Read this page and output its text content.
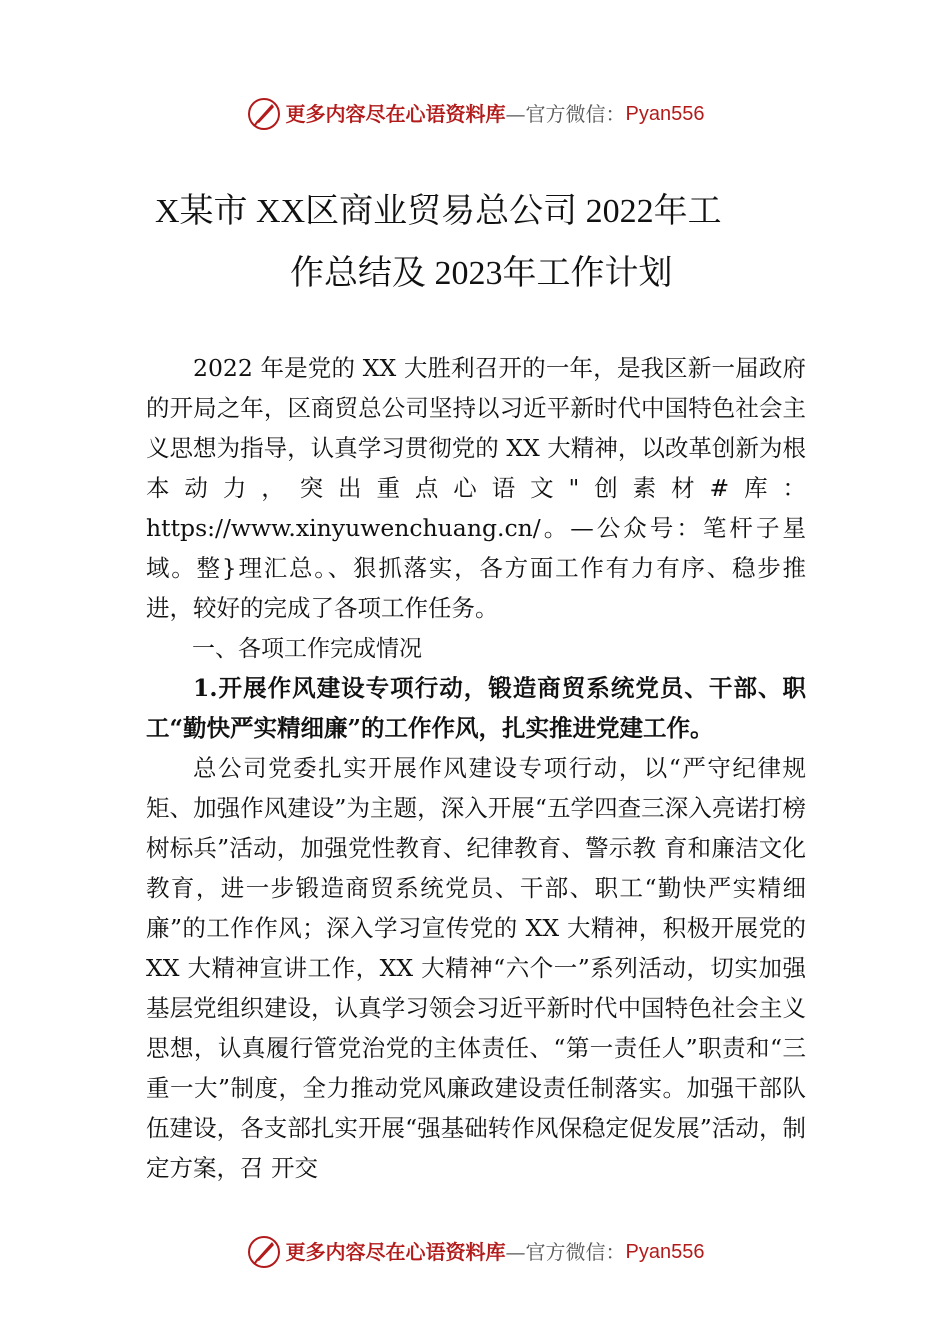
更多内容尽在心语资料库 — 官方微信： Pyan556
X某市 XX区商业贸易总公司 2022年工
作总结及 2023年工作计划

2022 年是党的 XX 大胜利召开的一年，是我区新一届政府的开局之年，区商贸总公司坚持以习近平新时代中国特色社会主义思想为指导，认真学习贯彻党的 XX 大精神，以改革创新为根本动力，突出重点心语文"创素材#库：https://www.xinyuwenchuang.cn/。—公众号：笔杆子星域。整}理汇总。、狠抓落实，各方面工作有力有序、稳步推进，较好的完成了各项工作任务。

一、各项工作完成情况

1.开展作风建设专项行动，锻造商贸系统党员、干部、职工“勤快严实精细廉”的工作作风，扎实推进党建工作。

总公司党委扎实开展作风建设专项行动，以“严守纪律规矩、加强作风建设”为主题，深入开展“五学四查三深入亮诺打榜树标兵”活动，加强党性教育、纪律教育、警示教 育和廉洁文化教育，进一步锻造商贸系统党员、干部、职工“勤快严实精细廉”的工作作风；深入学习宣传党的 XX 大精神，积极开展党的 XX 大精神宣讲工作，XX 大精神“六个一”系列活动，切实加强基层党组织建设，认真学习领会习近平新时代中国特色社会主义思想，认真履行管党治党的主体责任、“第一责任人”职责和“三重一大”制度，全力推动党风廉政建设责任制落实。加强干部队伍建设，各支部扎实开展“强基础转作风保稳定促发展”活动，制定方案，召 开交

更多内容尽在心语资料库 — 官方微信： Pyan556
